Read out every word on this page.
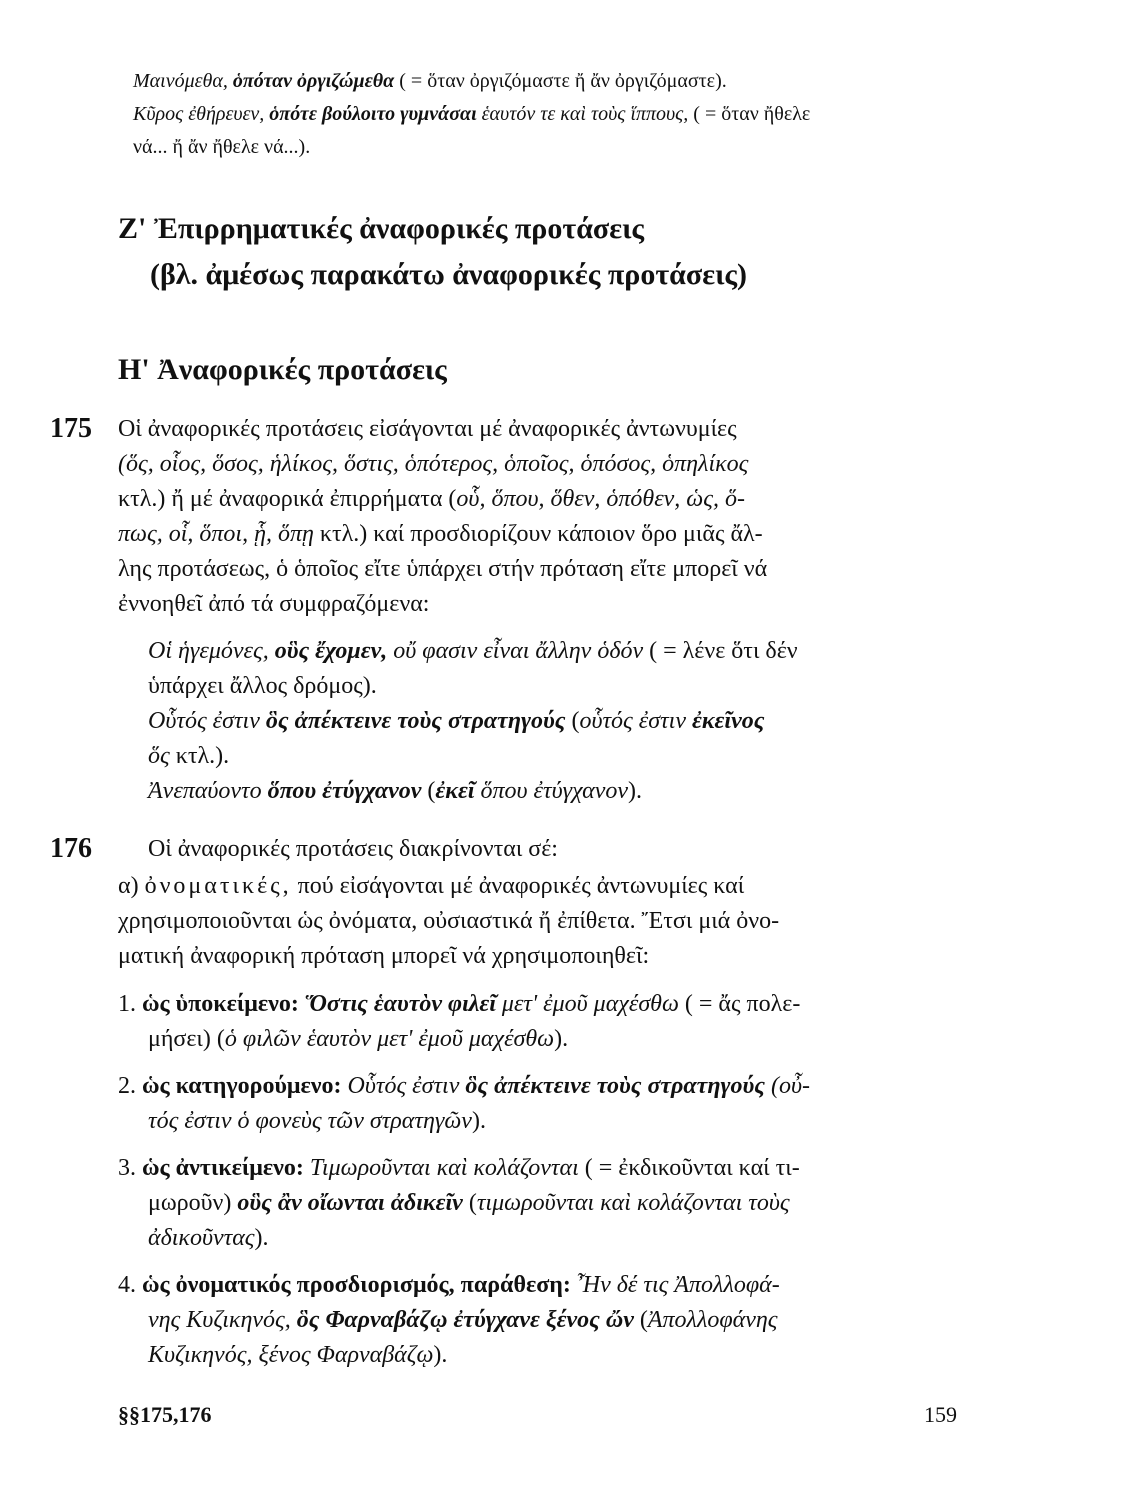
Μαινόμεθα, ὁπόταν ὀργιζώμεθα ( = ὅταν ὀργιζόμαστε ἤ ἄν ὀργιζόμαστε).
Κῦρος ἐθήρευεν, ὁπότε βούλοιτο γυμνάσαι ἑαυτόν τε καὶ τοὺς ἵππους, ( = ὅταν ἤθελε
νά... ἤ ἄν ἤθελε νά...).
Ζ' Ἐπιρρηματικές ἀναφορικές προτάσεις
(βλ. ἀμέσως παρακάτω ἀναφορικές προτάσεις)
Η' Ἀναφορικές προτάσεις
175 Οἱ ἀναφορικές προτάσεις εἰσάγονται μέ ἀναφορικές ἀντωνυμίες
(ὅς, οἷος, ὅσος, ἡλίκος, ὅστις, ὁπότερος, ὁποῖος, ὁπόσος, ὁπηλίκος
κτλ.) ἤ μέ ἀναφορικά ἐπιρρήματα (οὗ, ὅπου, ὅθεν, ὁπόθεν, ὡς, ὅ-
πως, οἷ, ὅποι, ᾗ, ὅπῃ κτλ.) καί προσδιορίζουν κάποιον ὅρο μιᾶς ἄλ-
λης προτάσεως, ὁ ὁποῖος εἴτε ὑπάρχει στήν πρόταση εἴτε μπορεῖ νά
ἐννοηθεῖ ἀπό τά συμφραζόμενα:
Οἱ ἡγεμόνες, οὓς ἔχομεν, οὔ φασιν εἶναι ἄλλην ὁδόν ( = λένε ὅτι δέν
ὑπάρχει ἄλλος δρόμος).
Οὗτός ἐστιν ὃς ἀπέκτεινε τοὺς στρατηγούς (οὗτός ἐστιν ἐκεῖνος
ὅς κτλ.).
Ἀνεπαύοντο ὅπου ἐτύγχανον (ἐκεῖ ὅπου ἐτύγχανον).
176 Οἱ ἀναφορικές προτάσεις διακρίνονται σέ:
α) ὀνοματικές, πού εἰσάγονται μέ ἀναφορικές ἀντωνυμίες καί
χρησιμοποιοῦνται ὡς ὀνόματα, οὐσιαστικά ἤ ἐπίθετα. Ἔτσι μιά ὀνο-
ματική ἀναφορική πρόταση μπορεῖ νά χρησιμοποιηθεῖ:
1. ὡς ὑποκείμενο: Ὅστις ἑαυτὸν φιλεῖ μετ' ἐμοῦ μαχέσθω ( = ἄς πολε-
μήσει) (ὁ φιλῶν ἑαυτὸν μετ' ἐμοῦ μαχέσθω).
2. ὡς κατηγορούμενο: Οὗτός ἐστιν ὃς ἀπέκτεινε τοὺς στρατηγούς (οὖ-
τός ἐστιν ὁ φονεὺς τῶν στρατηγῶν).
3. ὡς ἀντικείμενο: Τιμωροῦνται καὶ κολάζονται ( = ἐκδικοῦνται καί τι-
μωροῦν) οὓς ἂν οἴωνται ἀδικεῖν (τιμωροῦνται καὶ κολάζονται τοὺς
ἀδικοῦντας).
4. ὡς ὀνοματικός προσδιορισμός, παράθεση: Ἦν δέ τις Ἀπολλοφά-
νης Κυζικηνός, ὃς Φαρναβάζῳ ἐτύγχανε ξένος ὤν (Ἀπολλοφάνης
Κυζικηνός, ξένος Φαρναβάζῳ).
§§175,176	159
